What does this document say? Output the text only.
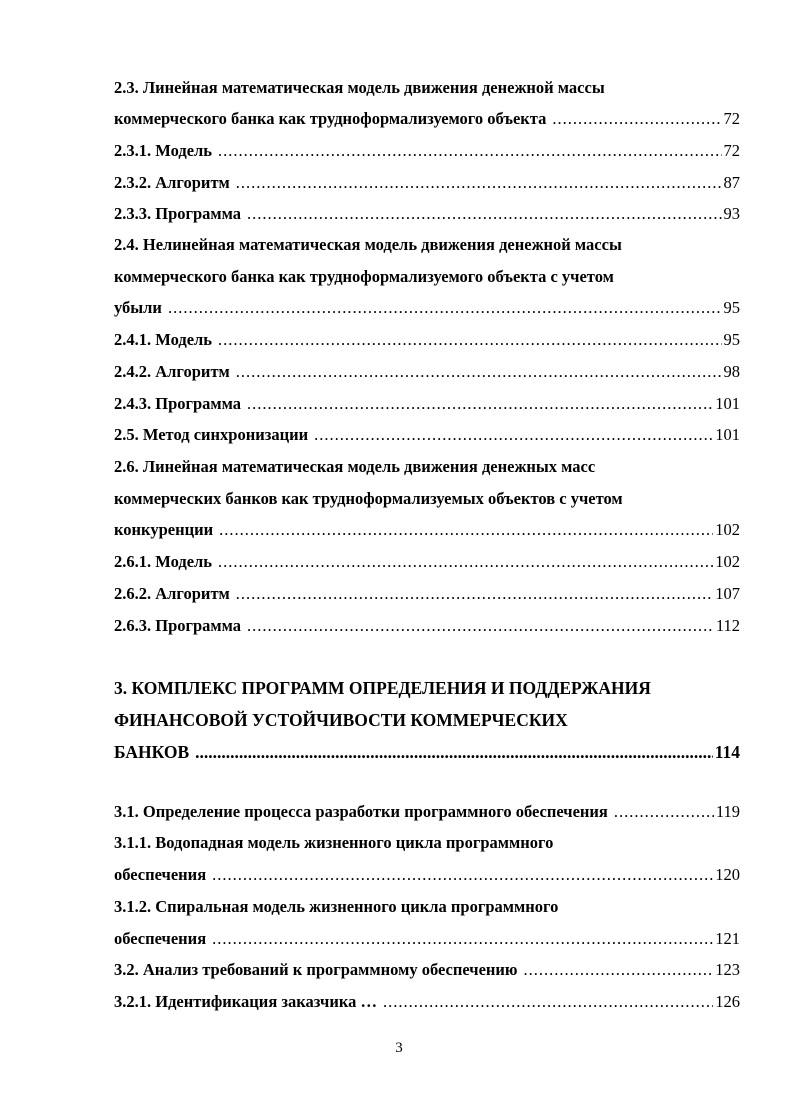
2.3. Линейная математическая модель движения денежной массы
коммерческого банка как трудноформализуемого объекта .....	72
2.3.1. Модель .....	72
2.3.2. Алгоритм .....	87
2.3.3. Программа .....	93
2.4. Нелинейная математическая модель движения денежной массы
коммерческого банка как трудноформализуемого объекта с учетом
убыли .....	95
2.4.1. Модель .....	95
2.4.2. Алгоритм .....	98
2.4.3. Программа .....	101
2.5. Метод синхронизации .....	101
2.6. Линейная математическая модель движения денежных масс
коммерческих банков как трудноформализуемых объектов с учетом
конкуренции .....	102
2.6.1. Модель .....	102
2.6.2. Алгоритм .....	107
2.6.3. Программа .....	112
3. КОМПЛЕКС ПРОГРАММ ОПРЕДЕЛЕНИЯ И ПОДДЕРЖАНИЯ
ФИНАНСОВОЙ УСТОЙЧИВОСТИ КОММЕРЧЕСКИХ
БАНКОВ .....	114
3.1. Определение процесса разработки программного обеспечения .....	119
3.1.1. Водопадная модель жизненного цикла программного
обеспечения .....	120
3.1.2. Спиральная модель жизненного цикла программного
обеспечения .....	121
3.2. Анализ требований к программному обеспечению .....	123
3.2.1. Идентификация заказчика … .....	126
3
